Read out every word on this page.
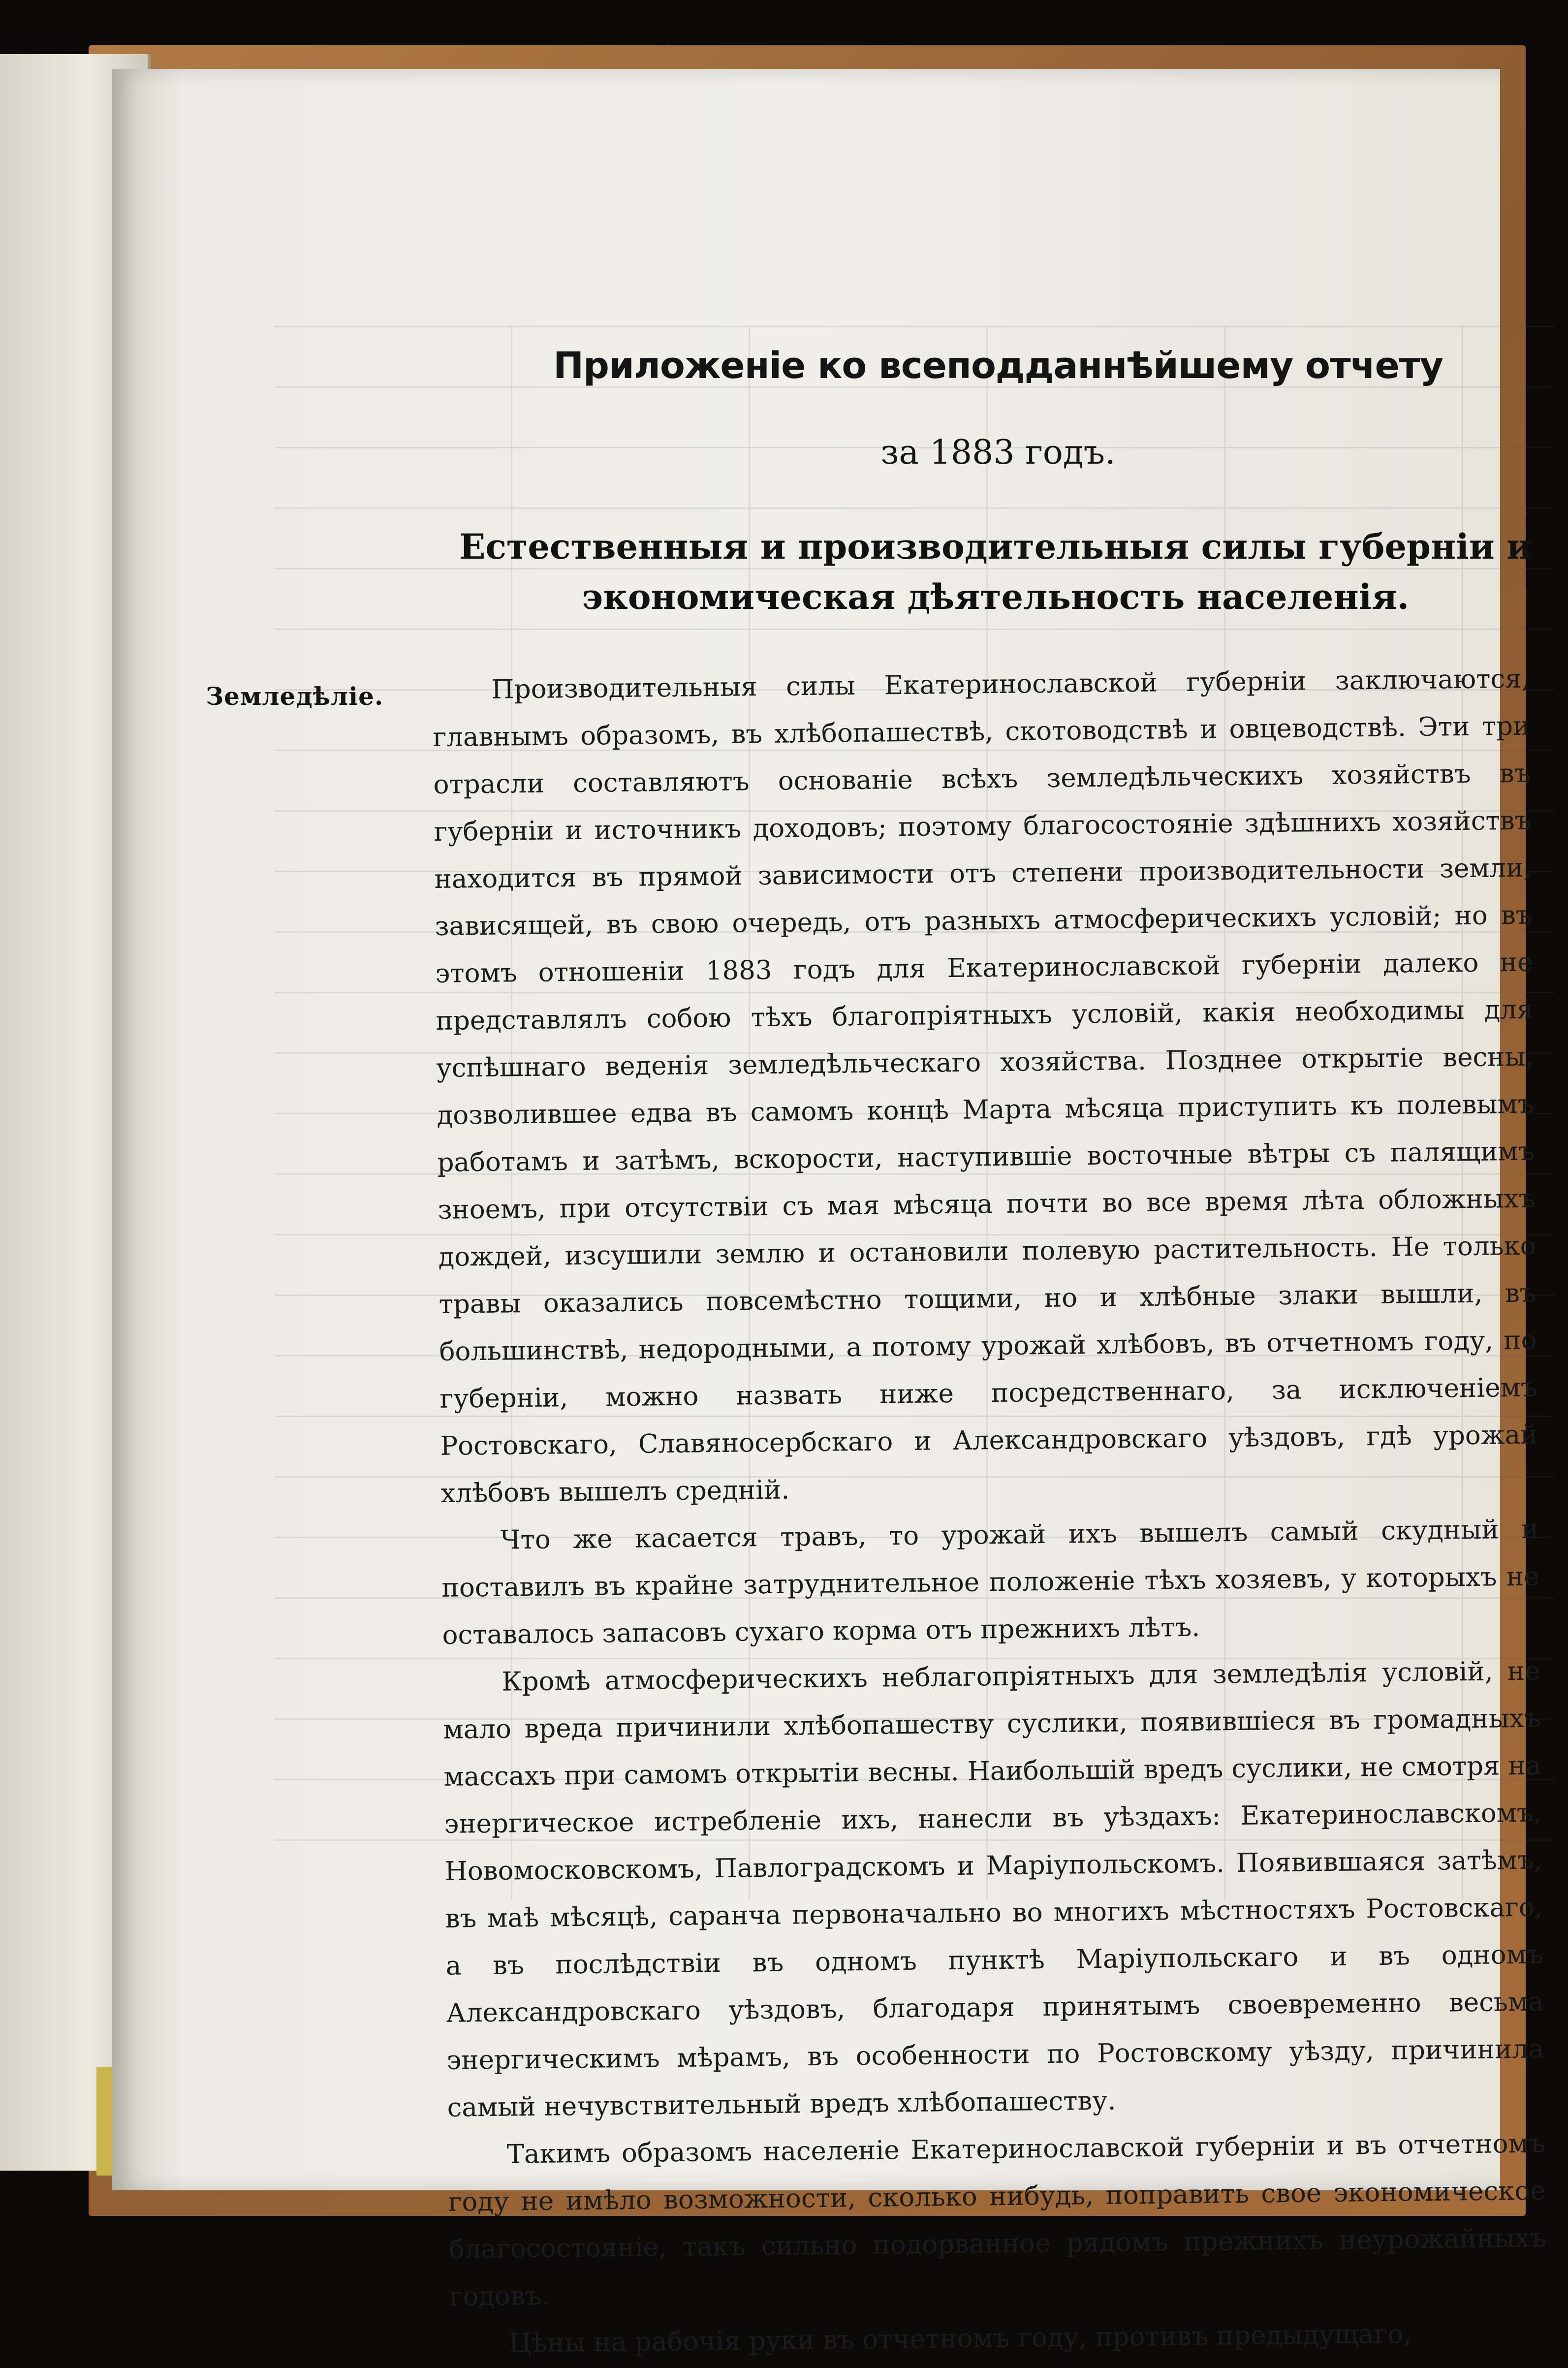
Приложеніе ко всеподданнѣйшему отчету
за 1883 годъ.
Естественныя и производительныя силы губерніи и экономическая дѣятельность населенія.
Земледѣліе.	Производительныя силы Екатеринославской губерніи заключаются, главнымъ образомъ, въ хлѣбопашествѣ, скотоводствѣ и овцеводствѣ. Эти три отрасли составляютъ основаніе всѣхъ земледѣльческихъ хозяйствъ въ губерніи и источникъ доходовъ; поэтому благосостояніе здѣшнихъ хозяйствъ находится въ прямой зависимости отъ степени производительности земли, зависящей, въ свою очередь, отъ разныхъ атмосферическихъ условій; но въ этомъ отношеніи 1883 годъ для Екатеринославской губерніи далеко не представлялъ собою тѣхъ благопріятныхъ условій, какія необходимы для успѣшнаго веденія земледѣльческаго хозяйства. Позднее открытіе весны, дозволившее едва въ самомъ концѣ Марта мѣсяца приступить къ полевымъ работамъ и затѣмъ, вскорости, наступившіе восточные вѣтры съ палящимъ зноемъ, при отсутствіи съ мая мѣсяца почти во все время лѣта обложныхъ дождей, изсушили землю и остановили полевую растительность. Не только травы оказались повсемѣстно тощими, но и хлѣбные злаки вышли, въ большинствѣ, недородными, а потому урожай хлѣбовъ, въ отчетномъ году, по губерніи, можно назвать ниже посредственнаго, за исключеніемъ Ростовскаго, Славяносербскаго и Александровскаго уѣздовъ, гдѣ урожай хлѣбовъ вышелъ средній.

Что же касается травъ, то урожай ихъ вышелъ самый скудный и поставилъ въ крайне затруднительное положеніе тѣхъ хозяевъ, у которыхъ не оставалось запасовъ сухаго корма отъ прежнихъ лѣтъ.

Кромѣ атмосферическихъ неблагопріятныхъ для земледѣлія условій, не мало вреда причинили хлѣбопашеству суслики, появившіеся въ громадныхъ массахъ при самомъ открытіи весны. Наибольшій вредъ суслики, не смотря на энергическое истребленіе ихъ, нанесли въ уѣздахъ: Екатеринославскомъ, Новомосковскомъ, Павлоградскомъ и Маріупольскомъ. Появившаяся затѣмъ, въ маѣ мѣсяцѣ, саранча первоначально во многихъ мѣстностяхъ Ростовскаго, а въ послѣдствіи въ одномъ пунктѣ Маріупольскаго и въ одномъ Александровскаго уѣздовъ, благодаря принятымъ своевременно весьма энергическимъ мѣрамъ, въ особенности по Ростовскому уѣзду, причинила самый нечувствительный вредъ хлѣбопашеству.

Такимъ образомъ населеніе Екатеринославской губерніи и въ отчетномъ году не имѣло возможности, сколько нибудь, поправить свое экономическое благосостояніе, такъ сильно подорванное рядомъ прежнихъ неурожайныхъ годовъ.

Цѣны на рабочія руки въ отчетномъ году, противъ предыдущаго,
